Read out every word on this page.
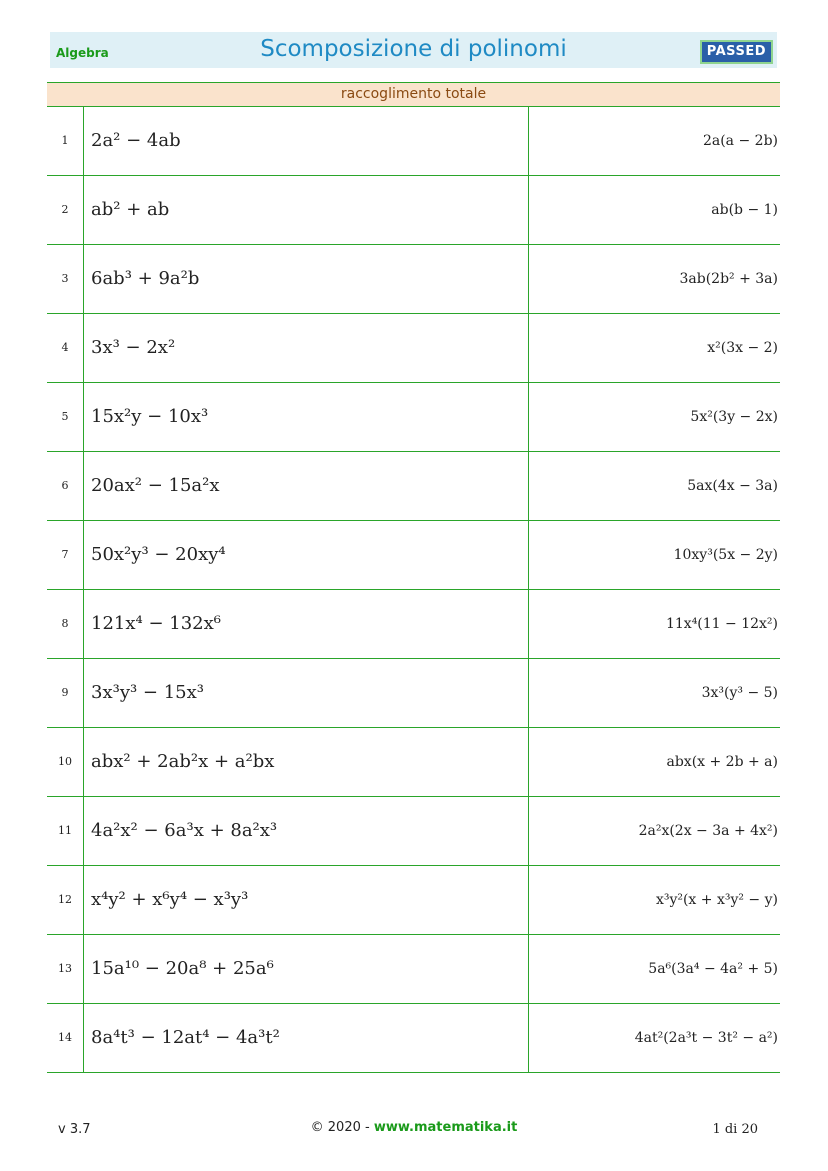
Algebra	Scomposizione di polinomi	PASSED
raccoglimento totale
1	2a² − 4ab	2a(a − 2b)
2	ab² + ab	ab(b − 1)
3	6ab³ + 9a²b	3ab(2b² + 3a)
4	3x³ − 2x²	x²(3x − 2)
5	15x²y − 10x³	5x²(3y − 2x)
6	20ax² − 15a²x	5ax(4x − 3a)
7	50x²y³ − 20xy⁴	10xy³(5x − 2y)
8	121x⁴ − 132x⁶	11x⁴(11 − 12x²)
9	3x³y³ − 15x³	3x³(y³ − 5)
10	abx² + 2ab²x + a²bx	abx(x + 2b + a)
11	4a²x² − 6a³x + 8a²x³	2a²x(2x − 3a + 4x²)
12	x⁴y² + x⁶y⁴ − x³y³	x³y²(x + x³y² − y)
13	15a¹⁰ − 20a⁸ + 25a⁶	5a⁶(3a⁴ − 4a² + 5)
14	8a⁴t³ − 12at⁴ − 4a³t²	4at²(2a³t − 3t² − a²)
v 3.7	© 2020 - www.matematika.it	1 di 20
